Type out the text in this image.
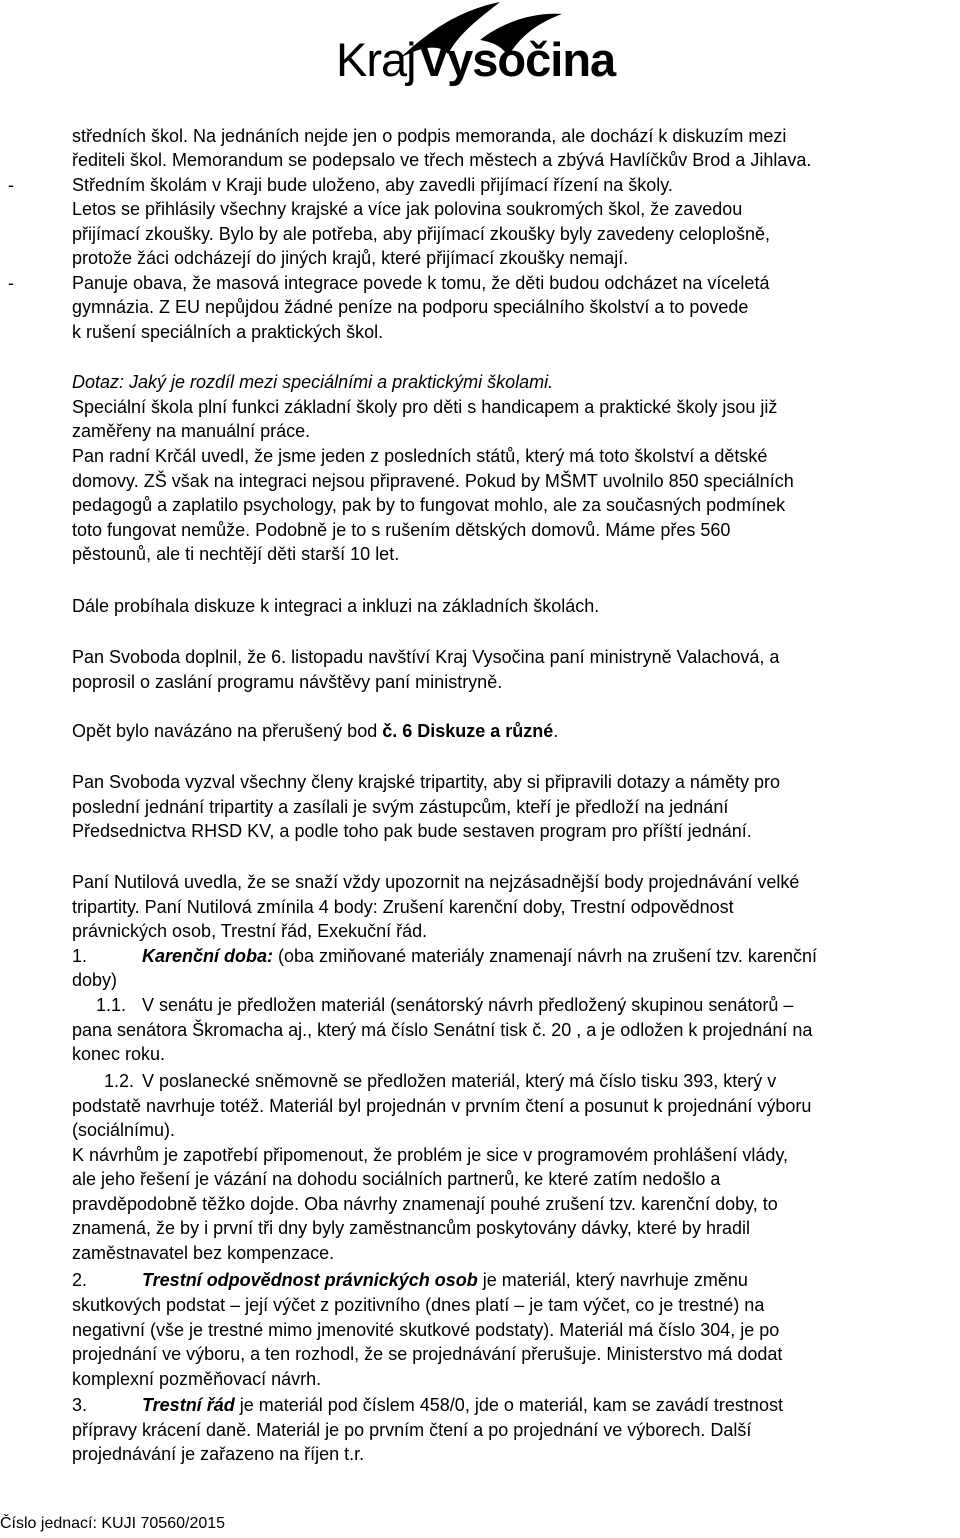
Kraj Vysočina
středních škol. Na jednáních nejde jen o podpis memoranda, ale dochází k diskuzím mezi
řediteli škol. Memorandum se podepsalo ve třech městech a zbývá Havlíčkův Brod a Jihlava.
-	Středním školám v Kraji bude uloženo, aby zavedli přijímací řízení na školy.
Letos se přihlásily všechny krajské a více jak polovina soukromých škol, že zavedou
přijímací zkoušky. Bylo by ale potřeba, aby přijímací zkoušky byly zavedeny celoplošně,
protože žáci odcházejí do jiných krajů, které přijímací zkoušky nemají.
-	Panuje obava, že masová integrace povede k tomu, že děti budou odcházet na víceletá
gymnázia. Z EU nepůjdou žádné peníze na podporu speciálního školství a to povede
k rušení speciálních a praktických škol.
Dotaz: Jaký je rozdíl mezi speciálními a praktickými školami.
Speciální škola plní funkci základní školy pro děti s handicapem a praktické školy jsou již
zaměřeny na manuální práce.
Pan radní Krčál uvedl, že jsme jeden z posledních států, který má toto školství a dětské
domovy. ZŠ však na integraci nejsou připravené. Pokud by MŠMT uvolnilo 850 speciálních
pedagogů a zaplatilo psychology, pak by to fungovat mohlo, ale za současných podmínek
toto fungovat nemůže. Podobně je to s rušením dětských domovů. Máme přes 560
pěstounů, ale ti nechtějí děti starší 10 let.
Dále probíhala diskuze k integraci a inkluzi na základních školách.
Pan Svoboda doplnil, že 6. listopadu navštíví Kraj Vysočina paní ministryně Valachová, a
poprosil o zaslání programu návštěvy paní ministryně.
Opět bylo navázáno na přerušený bod č. 6 Diskuze a různé.
Pan Svoboda vyzval všechny členy krajské tripartity, aby si připravili dotazy a náměty pro
poslední jednání tripartity a zasílali je svým zástupcům, kteří je předloží na jednání
Předsednictva RHSD KV, a podle toho pak bude sestaven program pro příští jednání.
Paní Nutilová uvedla, že se snaží vždy upozornit na nejzásadnější body projednávání velké
tripartity. Paní Nutilová zmínila 4 body: Zrušení karenční doby, Trestní odpovědnost
právnických osob, Trestní řád, Exekuční řád.
1.	Karenční doba: (oba zmiňované materiály znamenají návrh na zrušení tzv. karenční
doby)
1.1. V senátu je předložen materiál (senátorský návrh předložený skupinou senátorů –
pana senátora Škromacha aj., který má číslo Senátní tisk č. 20 , a je odložen k projednání na
konec roku.
1.2. V poslanecké sněmovně se předložen materiál, který má číslo tisku 393, který v
podstatě navrhuje totéž. Materiál byl projednán v prvním čtení a posunut k projednání výboru
(sociálnímu).
K návrhům je zapotřebí připomenout, že problém je sice v programovém prohlášení vlády,
ale jeho řešení je vázání na dohodu sociálních partnerů, ke které zatím nedošlo a
pravděpodobně těžko dojde. Oba návrhy znamenají pouhé zrušení tzv. karenční doby, to
znamená, že by i první tři dny byly zaměstnancům poskytovány dávky, které by hradil
zaměstnavatel bez kompenzace.
2.	Trestní odpovědnost právnických osob je materiál, který navrhuje změnu
skutkových podstat – její výčet z pozitivního (dnes platí – je tam výčet, co je trestné) na
negativní (vše je trestné mimo jmenovité skutkové podstaty). Materiál má číslo 304, je po
projednání ve výboru, a ten rozhodl, že se projednávání přerušuje. Ministerstvo má dodat
komplexní pozměňovací návrh.
3.	Trestní řád je materiál pod číslem 458/0, jde o materiál, kam se zavádí trestnost
přípravy krácení daně. Materiál je po prvním čtení a po projednání ve výborech. Další
projednávání je zařazeno na říjen t.r.
Číslo jednací: KUJI 70560/2015
